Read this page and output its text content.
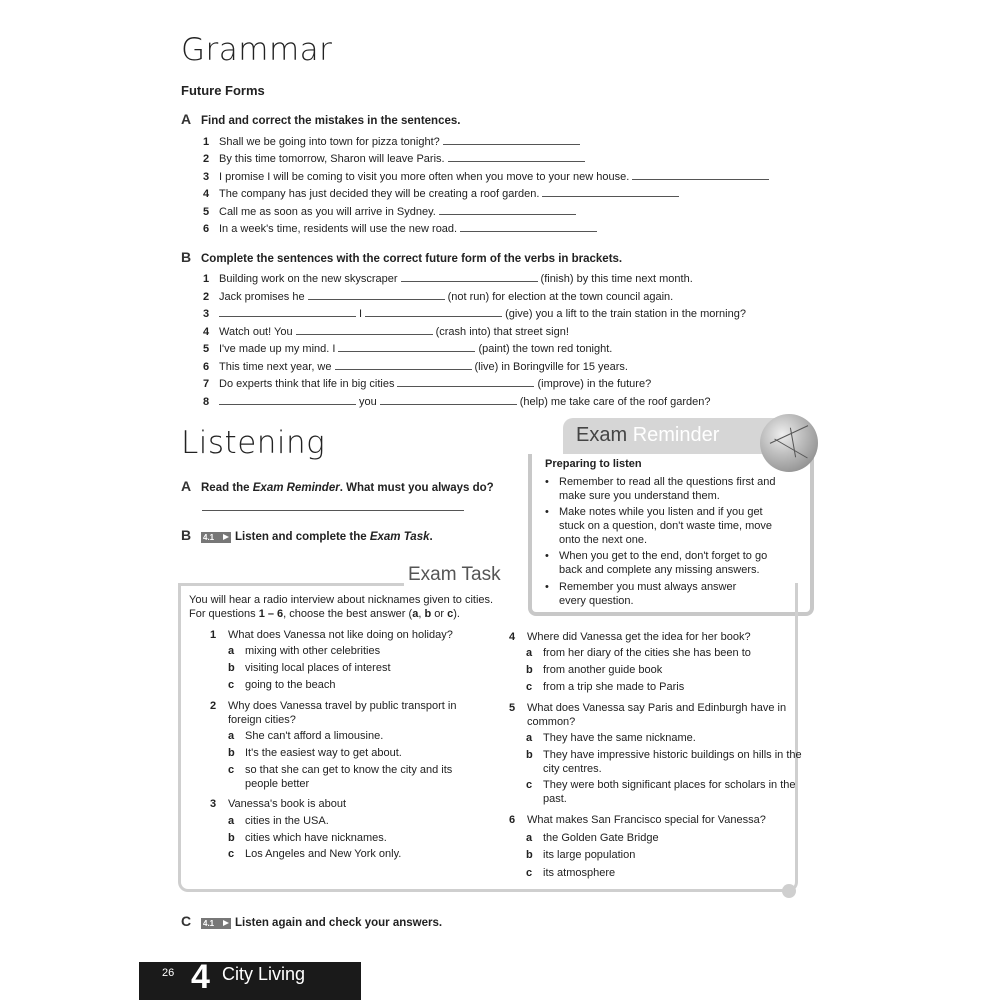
Grammar
Future Forms
A Find and correct the mistakes in the sentences.
1 Shall we be going into town for pizza tonight?
2 By this time tomorrow, Sharon will leave Paris.
3 I promise I will be coming to visit you more often when you move to your new house.
4 The company has just decided they will be creating a roof garden.
5 Call me as soon as you will arrive in Sydney.
6 In a week's time, residents will use the new road.
B Complete the sentences with the correct future form of the verbs in brackets.
1 Building work on the new skyscraper	(finish) by this time next month.
2 Jack promises he	(not run) for election at the town council again.
3	I	(give) you a lift to the train station in the morning?
4 Watch out! You	(crash into) that street sign!
5 I've made up my mind. I	(paint) the town red tonight.
6 This time next year, we	(live) in Boringville for 15 years.
7 Do experts think that life in big cities	(improve) in the future?
8	you	(help) me take care of the roof garden?
Listening
A Read the Exam Reminder. What must you always do?
B 4.1 Listen and complete the Exam Task.
Exam Reminder
Preparing to listen
• Remember to read all the questions first and make sure you understand them.
• Make notes while you listen and if you get stuck on a question, don't waste time, move onto the next one.
• When you get to the end, don't forget to go back and complete any missing answers.
• Remember you must always answer every question.
Exam Task
You will hear a radio interview about nicknames given to cities.
For questions 1 – 6, choose the best answer (a, b or c).
1 What does Vanessa not like doing on holiday?
a mixing with other celebrities
b visiting local places of interest
c going to the beach
2 Why does Vanessa travel by public transport in foreign cities?
a She can't afford a limousine.
b It's the easiest way to get about.
c so that she can get to know the city and its people better
3 Vanessa's book is about
a cities in the USA.
b cities which have nicknames.
c Los Angeles and New York only.
4 Where did Vanessa get the idea for her book?
a from her diary of the cities she has been to
b from another guide book
c from a trip she made to Paris
5 What does Vanessa say Paris and Edinburgh have in common?
a They have the same nickname.
b They have impressive historic buildings on hills in the city centres.
c They were both significant places for scholars in the past.
6 What makes San Francisco special for Vanessa?
a the Golden Gate Bridge
b its large population
c its atmosphere
C 4.1 Listen again and check your answers.
26 4 City Living
